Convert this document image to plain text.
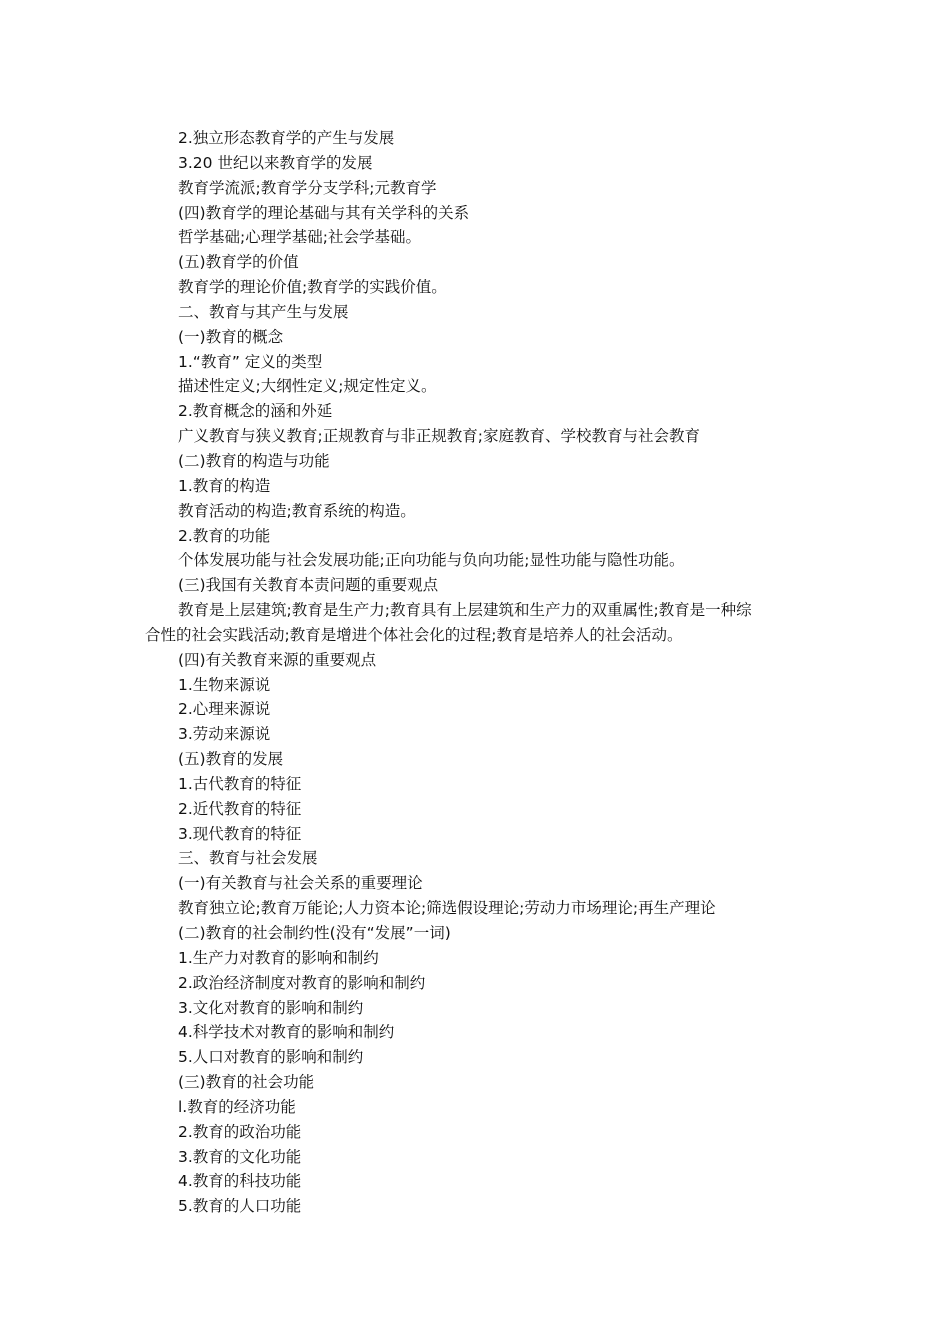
2.独立形态教育学的产生与发展
3.20 世纪以来教育学的发展
教育学流派;教育学分支学科;元教育学
(四)教育学的理论基础与其有关学科的关系
哲学基础;心理学基础;社会学基础。
(五)教育学的价值
教育学的理论价值;教育学的实践价值。
二、教育与其产生与发展
(一)教育的概念
1.“教育” 定义的类型
描述性定义;大纲性定义;规定性定义。
2.教育概念的涵和外延
广义教育与狭义教育;正规教育与非正规教育;家庭教育、学校教育与社会教育
(二)教育的构造与功能
1.教育的构造
教育活动的构造;教育系统的构造。
2.教育的功能
个体发展功能与社会发展功能;正向功能与负向功能;显性功能与隐性功能。
(三)我国有关教育本责问题的重要观点
教育是上层建筑;教育是生产力;教育具有上层建筑和生产力的双重属性;教育是一种综
合性的社会实践活动;教育是增进个体社会化的过程;教育是培养人的社会活动。
(四)有关教育来源的重要观点
1.生物来源说
2.心理来源说
3.劳动来源说
(五)教育的发展
1.古代教育的特征
2.近代教育的特征
3.现代教育的特征
三、教育与社会发展
(一)有关教育与社会关系的重要理论
教育独立论;教育万能论;人力资本论;筛选假设理论;劳动力市场理论;再生产理论
(二)教育的社会制约性(没有“发展”一词)
1.生产力对教育的影响和制约
2.政治经济制度对教育的影响和制约
3.文化对教育的影响和制约
4.科学技术对教育的影响和制约
5.人口对教育的影响和制约
(三)教育的社会功能
l.教育的经济功能
2.教育的政治功能
3.教育的文化功能
4.教育的科技功能
5.教育的人口功能
